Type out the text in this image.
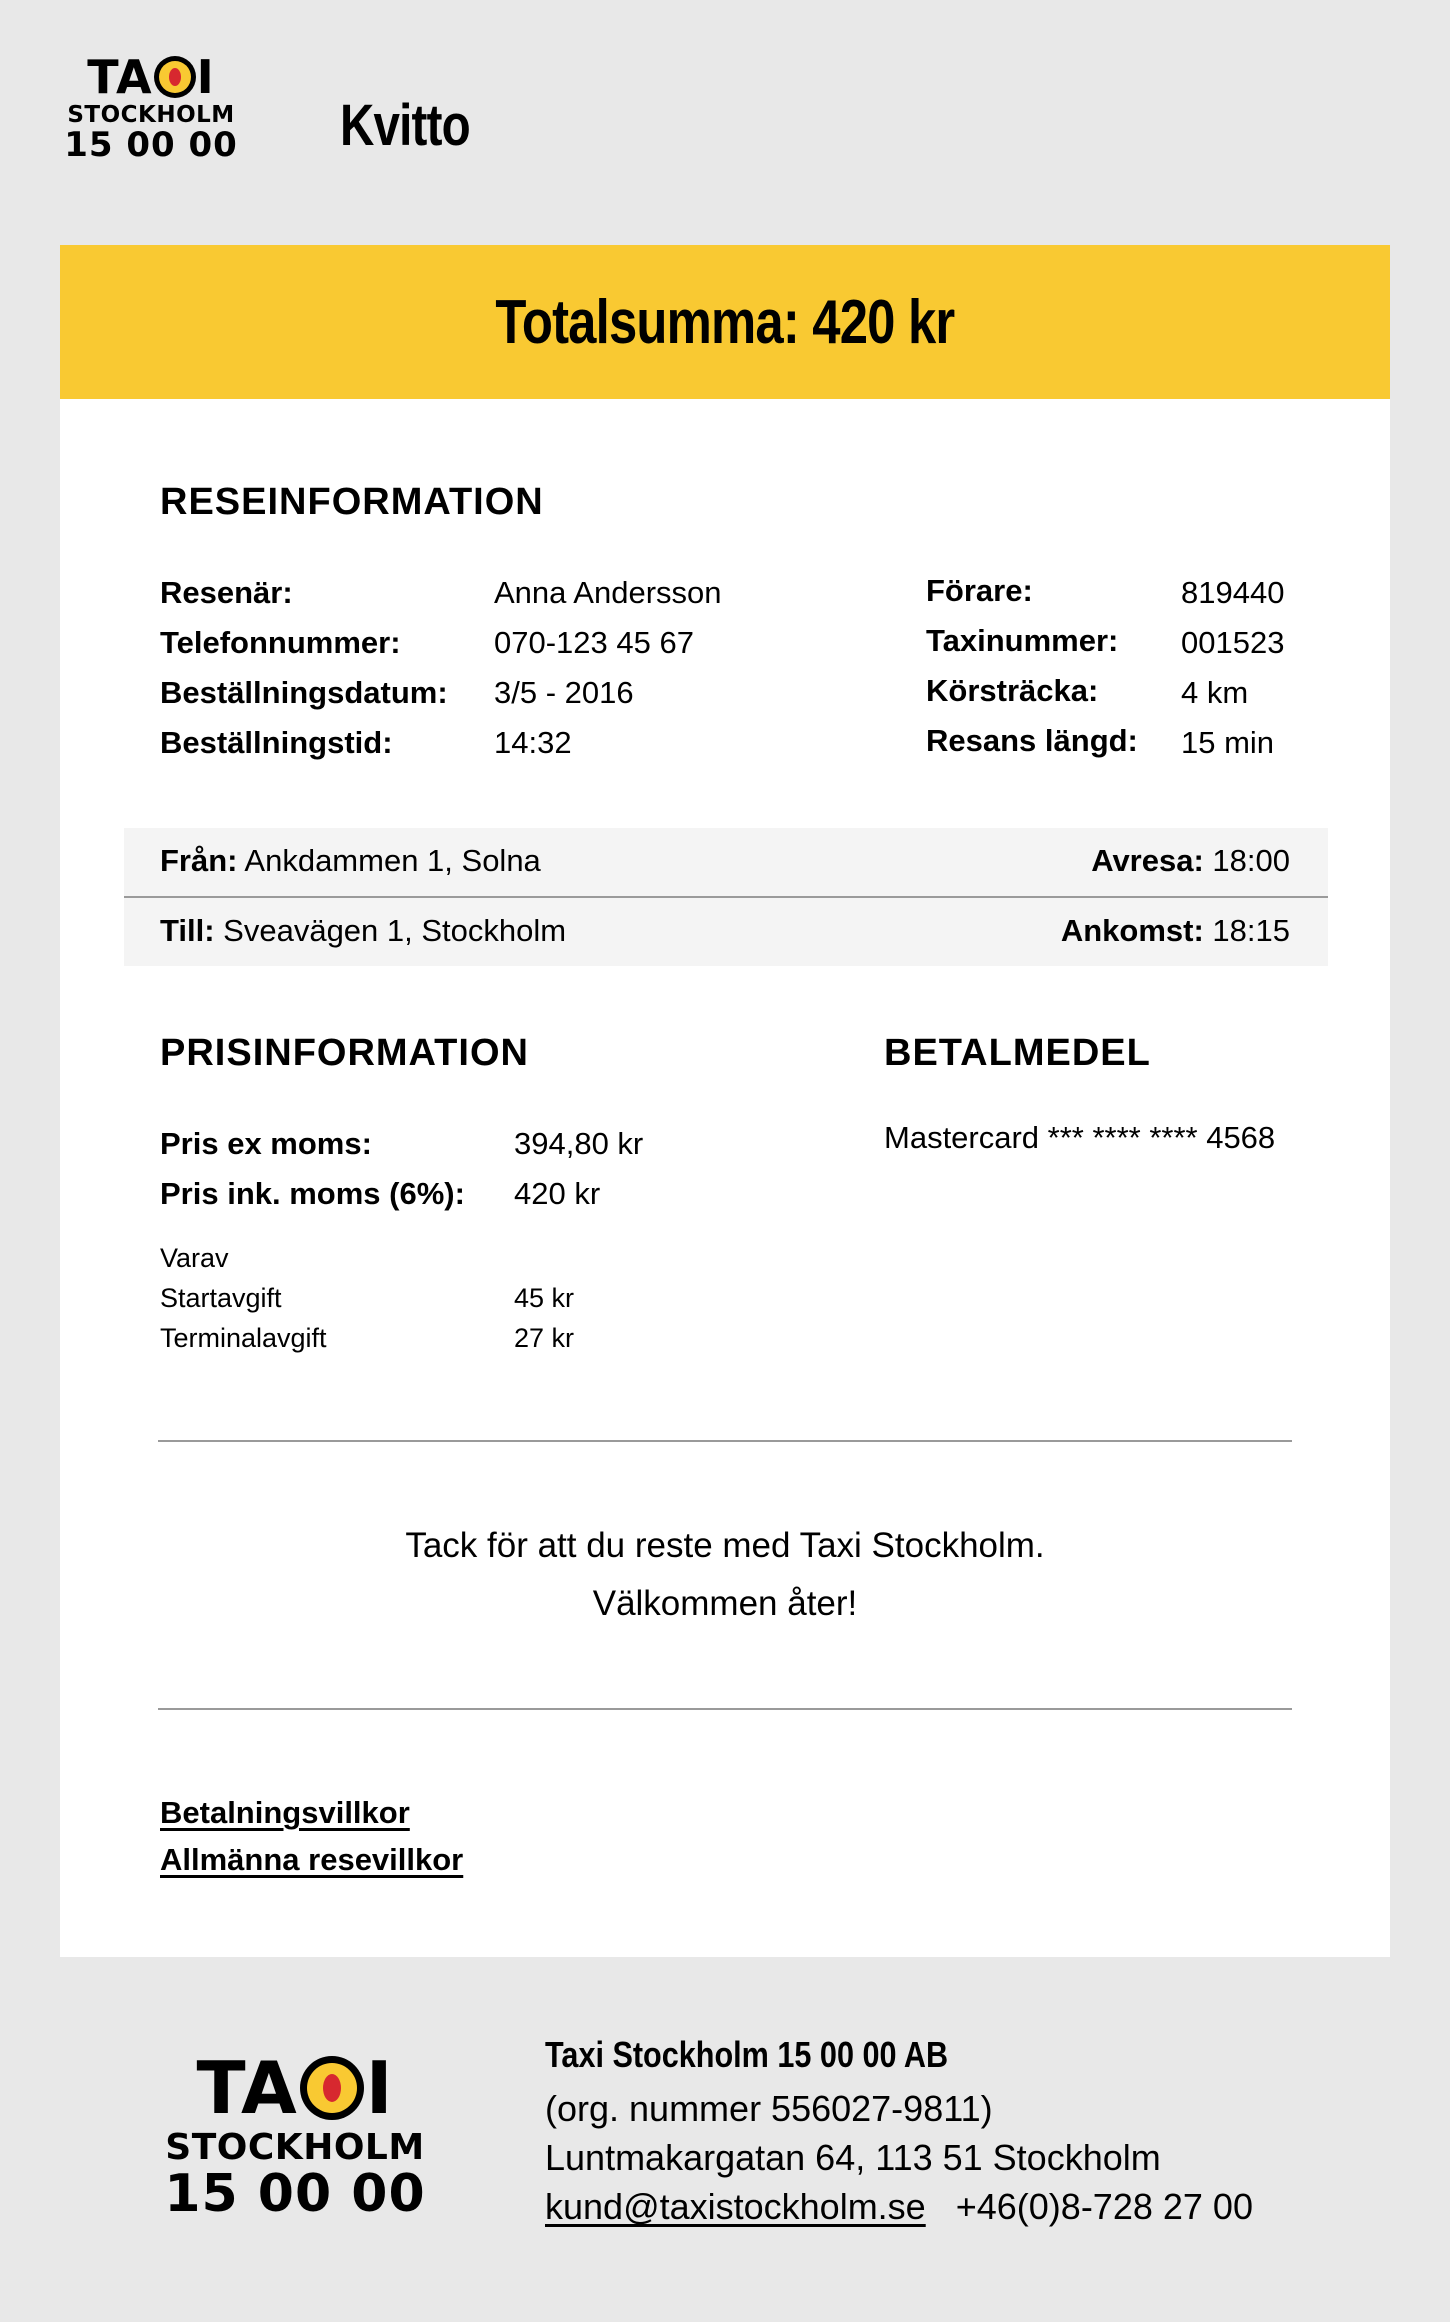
TA I
STOCKHOLM
15 00 00 Kvitto
Totalsumma: 420 kr
RESEINFORMATION
Resenär:	Anna Andersson
Telefonnummer:	070-123 45 67
Beställningsdatum: 3/5 - 2016
Beställningstid:	14:32
Förare:	819440
Taxinummer: 001523
Körsträcka:	4 km
Resans längd: 15 min
Från: Ankdammen 1, Solna	Avresa: 18:00
Till: Sveavägen 1, Stockholm	Ankomst: 18:15
PRISINFORMATION
Pris ex moms:	394,80 kr
Pris ink. moms (6%): 420 kr
Varav
Startavgift	45 kr
Terminalavgift	27 kr
BETALMEDEL
Mastercard *** **** **** 4568
Tack för att du reste med Taxi Stockholm.
Välkommen åter!
Betalningsvillkor
Allmänna resevillkor
TA I
STOCKHOLM
15 00 00
Taxi Stockholm 15 00 00 AB
(org. nummer 556027-9811)
Luntmakargatan 64, 113 51 Stockholm
kund@taxistockholm.se +46(0)8-728 27 00
